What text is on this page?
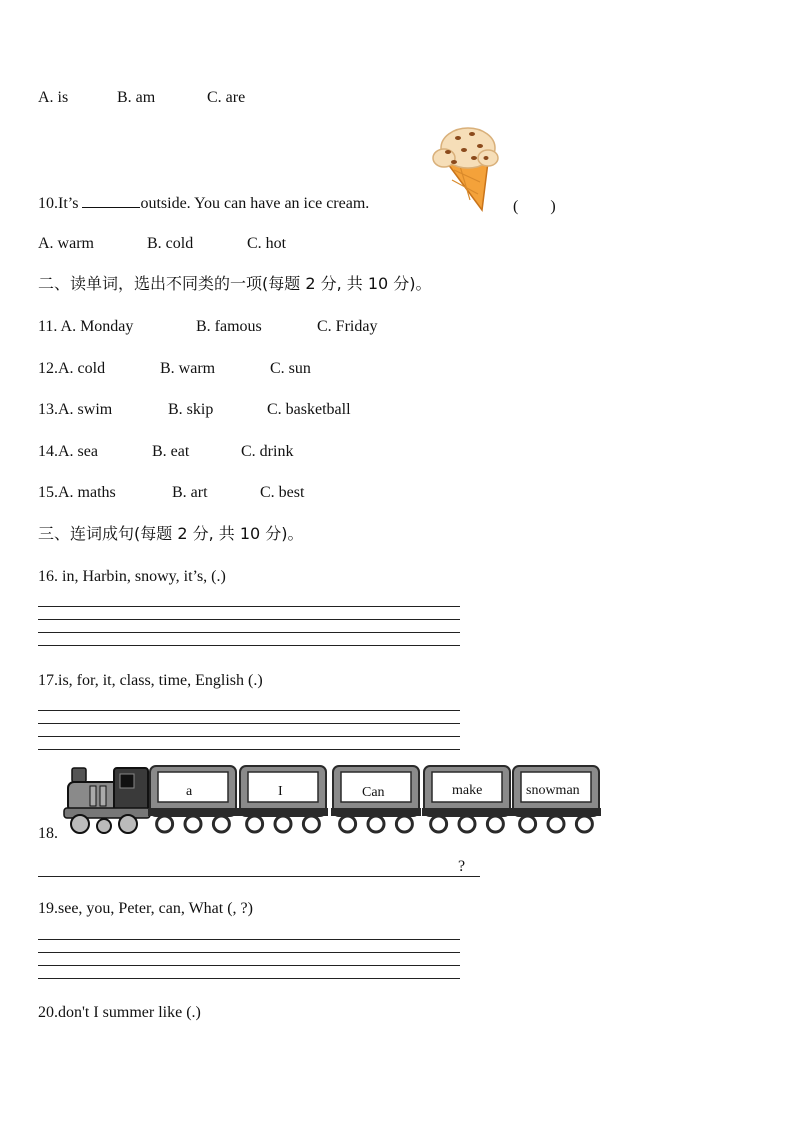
A. is	B. am	C. are
10.It’s	outside. You can have an ice cream.	(　　)
A. warm	B. cold	C. hot
二、读单词，选出不同类的一项(每题 2 分, 共 10 分)。
11. A. Monday	B. famous	C. Friday
12.A. cold	B. warm	C. sun
13.A. swim	B. skip	C. basketball
14.A. sea	B. eat	C. drink
15.A. maths	B. art	C. best
三、连词成句(每题 2 分, 共 10 分)。
16. in, Harbin, snowy, it’s, (.)
17.is, for, it, class, time, English (.)
a	I	Can	make	snowman
18.
?
19.see, you, Peter, can, What (, ?)
20.don't I summer like (.)
